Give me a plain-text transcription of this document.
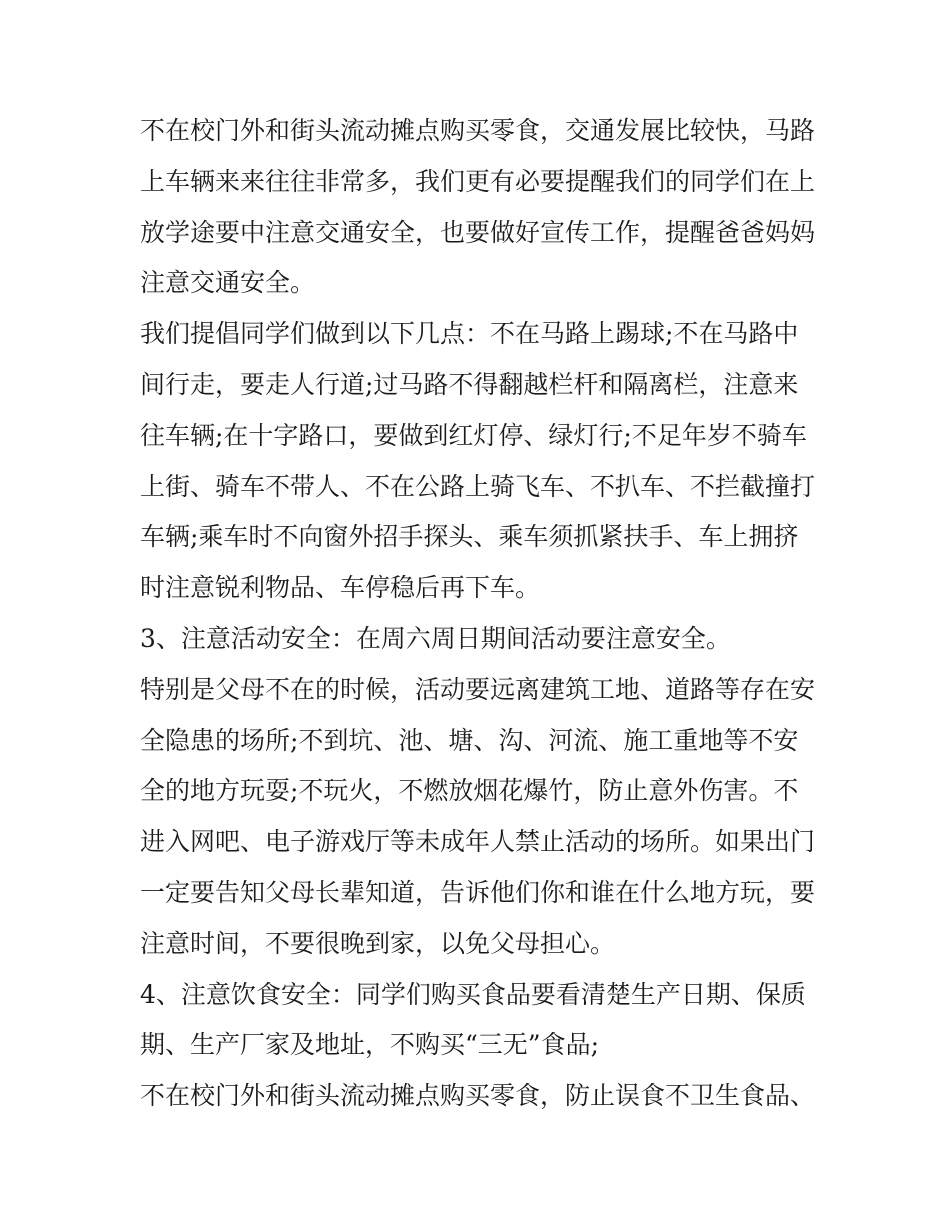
不在校门外和街头流动摊点购买零食，交通发展比较快，马路
上车辆来来往往非常多，我们更有必要提醒我们的同学们在上
放学途要中注意交通安全，也要做好宣传工作，提醒爸爸妈妈
注意交通安全。
我们提倡同学们做到以下几点：不在马路上踢球;不在马路中
间行走，要走人行道;过马路不得翻越栏杆和隔离栏，注意来
往车辆;在十字路口，要做到红灯停、绿灯行;不足年岁不骑车
上街、骑车不带人、不在公路上骑飞车、不扒车、不拦截撞打
车辆;乘车时不向窗外招手探头、乘车须抓紧扶手、车上拥挤
时注意锐利物品、车停稳后再下车。
3、注意活动安全：在周六周日期间活动要注意安全。
特别是父母不在的时候，活动要远离建筑工地、道路等存在安
全隐患的场所;不到坑、池、塘、沟、河流、施工重地等不安
全的地方玩耍;不玩火，不燃放烟花爆竹，防止意外伤害。不
进入网吧、电子游戏厅等未成年人禁止活动的场所。如果出门
一定要告知父母长辈知道，告诉他们你和谁在什么地方玩，要
注意时间，不要很晚到家，以免父母担心。
4、注意饮食安全：同学们购买食品要看清楚生产日期、保质
期、生产厂家及地址，不购买“三无”食品;
不在校门外和街头流动摊点购买零食，防止误食不卫生食品、
